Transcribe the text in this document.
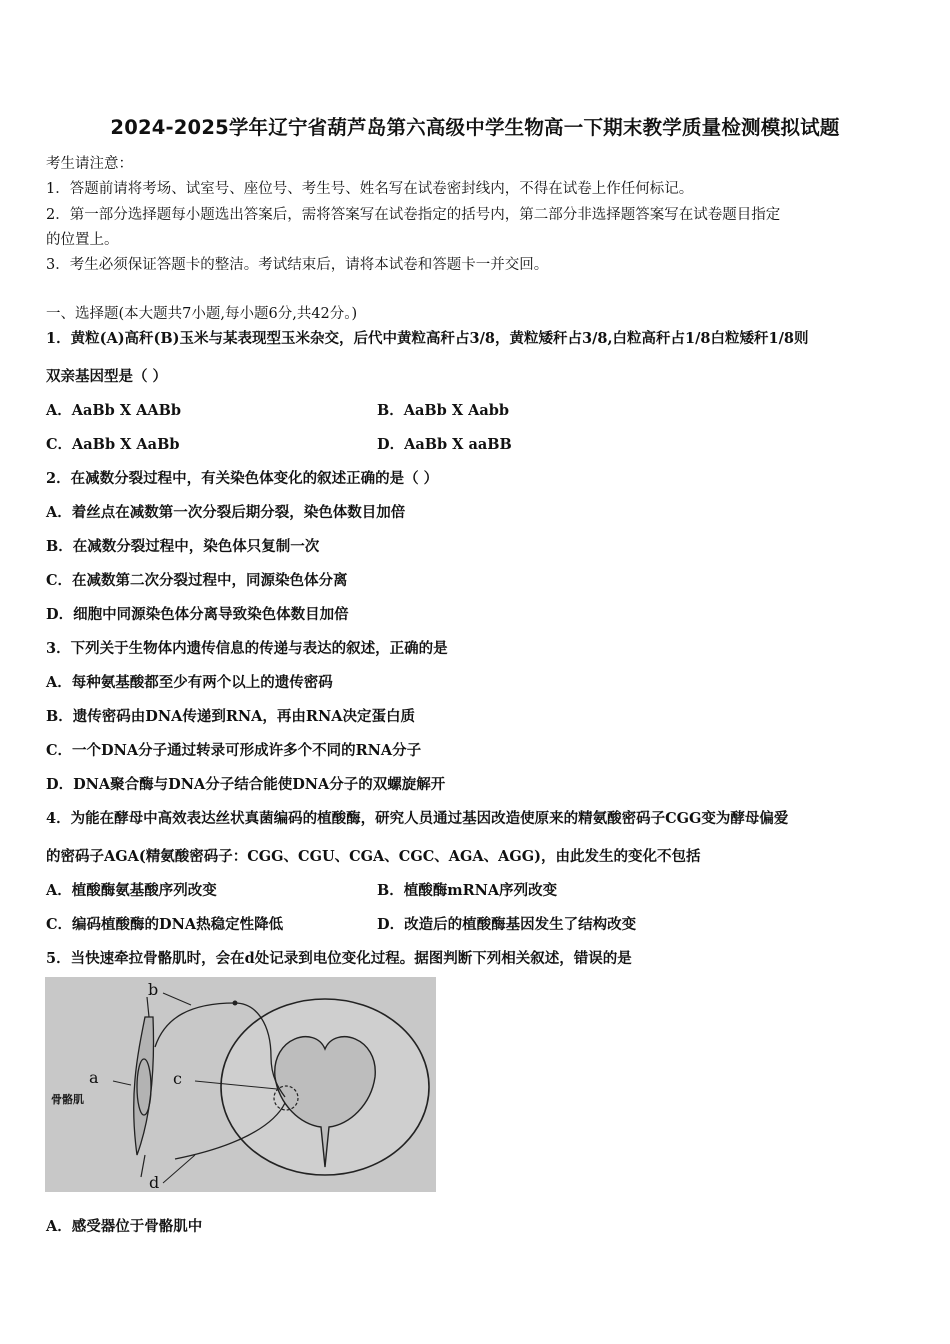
2024-2025学年辽宁省葫芦岛第六高级中学生物高一下期末教学质量检测模拟试题
考生请注意：
1．答题前请将考场、试室号、座位号、考生号、姓名写在试卷密封线内，不得在试卷上作任何标记。
2．第一部分选择题每小题选出答案后，需将答案写在试卷指定的括号内，第二部分非选择题答案写在试卷题目指定
的位置上。
3．考生必须保证答题卡的整洁。考试结束后，请将本试卷和答题卡一并交回。
一、选择题(本大题共7小题,每小题6分,共42分。)
1．黄粒(A)高秆(B)玉米与某表现型玉米杂交，后代中黄粒高秆占3/8，黄粒矮秆占3/8,白粒高秆占1/8白粒矮秆1/8则
双亲基因型是（ ）
A．AaBb X AABb	B．AaBb X Aabb
C．AaBb X AaBb	D．AaBb X aaBB
2．在减数分裂过程中，有关染色体变化的叙述正确的是（ ）
A．着丝点在减数第一次分裂后期分裂，染色体数目加倍
B．在减数分裂过程中，染色体只复制一次
C．在减数第二次分裂过程中，同源染色体分离
D．细胞中同源染色体分离导致染色体数目加倍
3．下列关于生物体内遗传信息的传递与表达的叙述，正确的是
A．每种氨基酸都至少有两个以上的遗传密码
B．遗传密码由DNA传递到RNA，再由RNA决定蛋白质
C．一个DNA分子通过转录可形成许多个不同的RNA分子
D．DNA聚合酶与DNA分子结合能使DNA分子的双螺旋解开
4．为能在酵母中高效表达丝状真菌编码的植酸酶，研究人员通过基因改造使原来的精氨酸密码子CGG变为酵母偏爱
的密码子AGA(精氨酸密码子：CGG、CGU、CGA、CGC、AGA、AGG)，由此发生的变化不包括
A．植酸酶氨基酸序列改变	B．植酸酶mRNA序列改变
C．编码植酸酶的DNA热稳定性降低	D．改造后的植酸酶基因发生了结构改变
5．当快速牵拉骨骼肌时，会在d处记录到电位变化过程。据图判断下列相关叙述，错误的是
b
a	c
d
骨骼肌
A．感受器位于骨骼肌中
